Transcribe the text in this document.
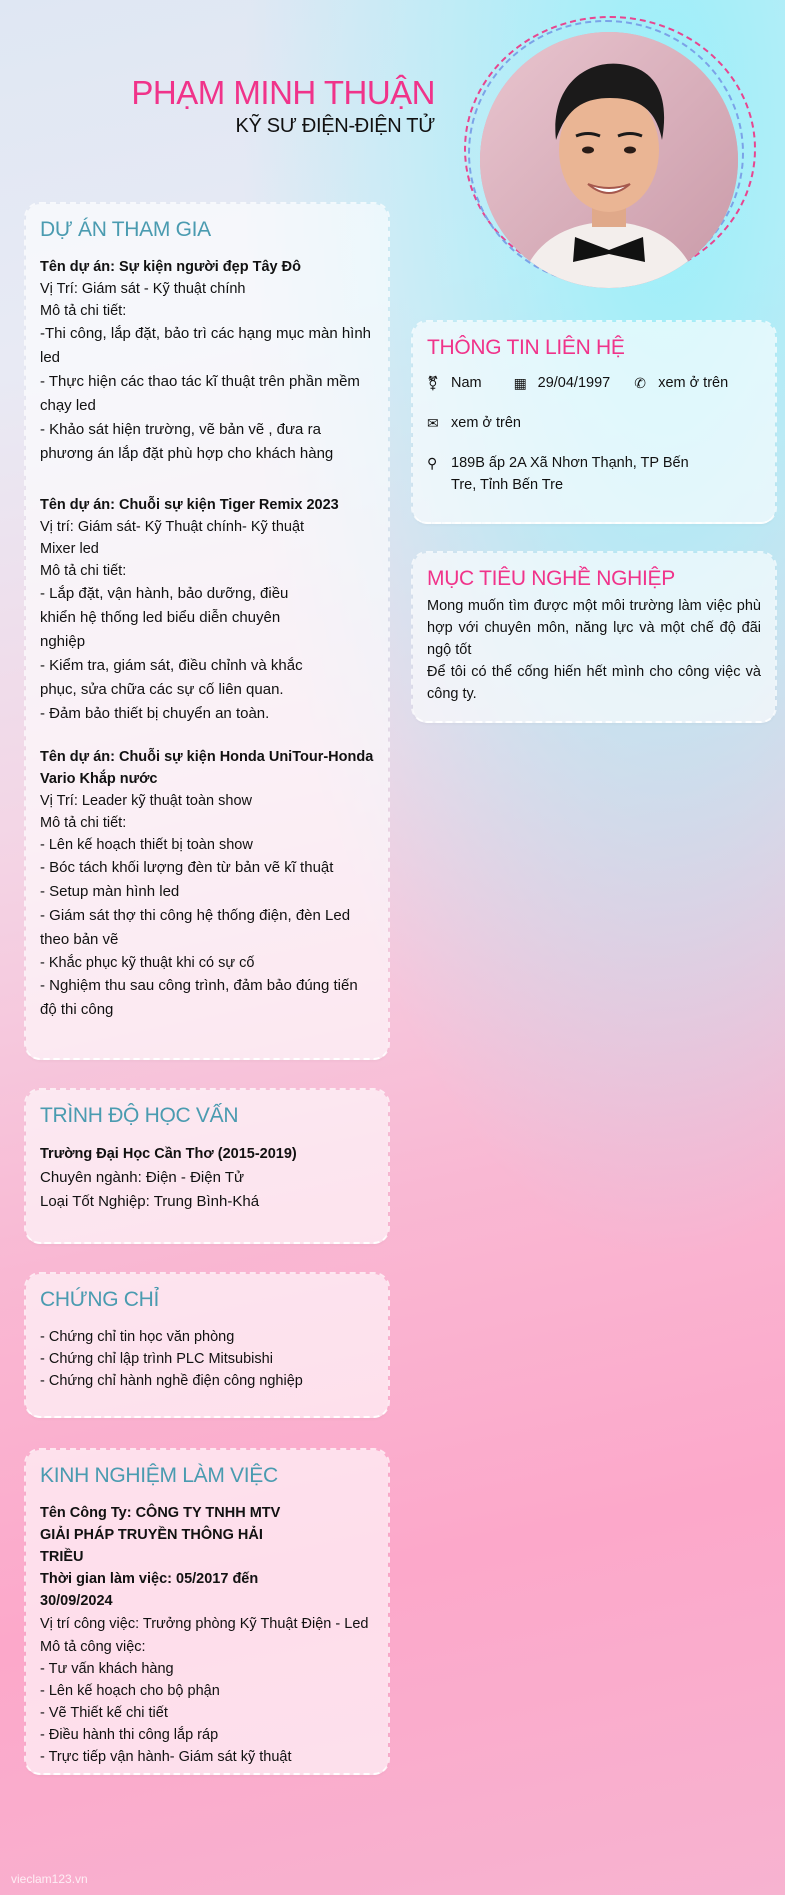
PHẠM MINH THUẬN
KỸ SƯ ĐIỆN-ĐIỆN TỬ
DỰ ÁN THAM GIA
Tên dự án: Sự kiện người đẹp Tây Đô
Vị Trí: Giám sát - Kỹ thuật chính
Mô tả chi tiết:
-Thi công, lắp đặt, bảo trì các hạng mục màn hình led
- Thực hiện các thao tác kĩ thuật trên phần mềm chạy led
- Khảo sát hiện trường, vẽ bản vẽ , đưa ra phương án lắp đặt phù hợp cho khách hàng
Tên dự án: Chuỗi sự kiện Tiger Remix 2023
Vị trí: Giám sát- Kỹ Thuật chính- Kỹ thuật Mixer led
Mô tả chi tiết:
- Lắp đặt, vận hành, bảo dưỡng, điều khiển hệ thống led biểu diễn chuyên nghiệp
- Kiểm tra, giám sát, điều chỉnh và khắc phục, sửa chữa các sự cố liên quan.
- Đảm bảo thiết bị chuyển an toàn.
Tên dự án: Chuỗi sự kiện Honda UniTour-Honda Vario Khắp nước
Vị Trí: Leader kỹ thuật toàn show
Mô tả chi tiết:
- Lên kế hoạch thiết bị toàn show
- Bóc tách khối lượng đèn từ bản vẽ kĩ thuật
- Setup màn hình led
- Giám sát thợ thi công hệ thống điện, đèn Led theo bản vẽ
- Khắc phục kỹ thuật khi có sự cố
- Nghiệm thu sau công trình, đảm bảo đúng tiến độ thi công
TRÌNH ĐỘ HỌC VẤN
Trường Đại Học Cần Thơ (2015-2019)
Chuyên ngành: Điện - Điện Tử
Loại Tốt Nghiệp: Trung Bình-Khá
CHỨNG CHỈ
- Chứng chỉ tin học văn phòng
- Chứng chỉ lập trình PLC Mitsubishi
- Chứng chỉ hành nghề điện công nghiệp
KINH NGHIỆM LÀM VIỆC
Tên Công Ty: CÔNG TY TNHH MTV GIẢI PHÁP TRUYỀN THÔNG HẢI TRIỀU
Thời gian làm việc: 05/2017 đến 30/09/2024
Vị trí công việc: Trưởng phòng Kỹ Thuật Điện - Led
Mô tả công việc:
- Tư vấn khách hàng
- Lên kế hoạch cho bộ phận
- Vẽ Thiết kế chi tiết
- Điều hành thi công lắp ráp
- Trực tiếp vận hành- Giám sát kỹ thuật
THÔNG TIN LIÊN HỆ
⚧ Nam ▦ 29/04/1997 ✆ xem ở trên
✉ xem ở trên
⚲ 189B ấp 2A Xã Nhơn Thạnh, TP Bến Tre, Tỉnh Bến Tre
MỤC TIÊU NGHỀ NGHIỆP
Mong muốn tìm được một môi trường làm việc phù hợp với chuyên môn, năng lực và một chế độ đãi ngộ tốt
Để tôi có thể cống hiến hết mình cho công việc và công ty.
vieclam123.vn
